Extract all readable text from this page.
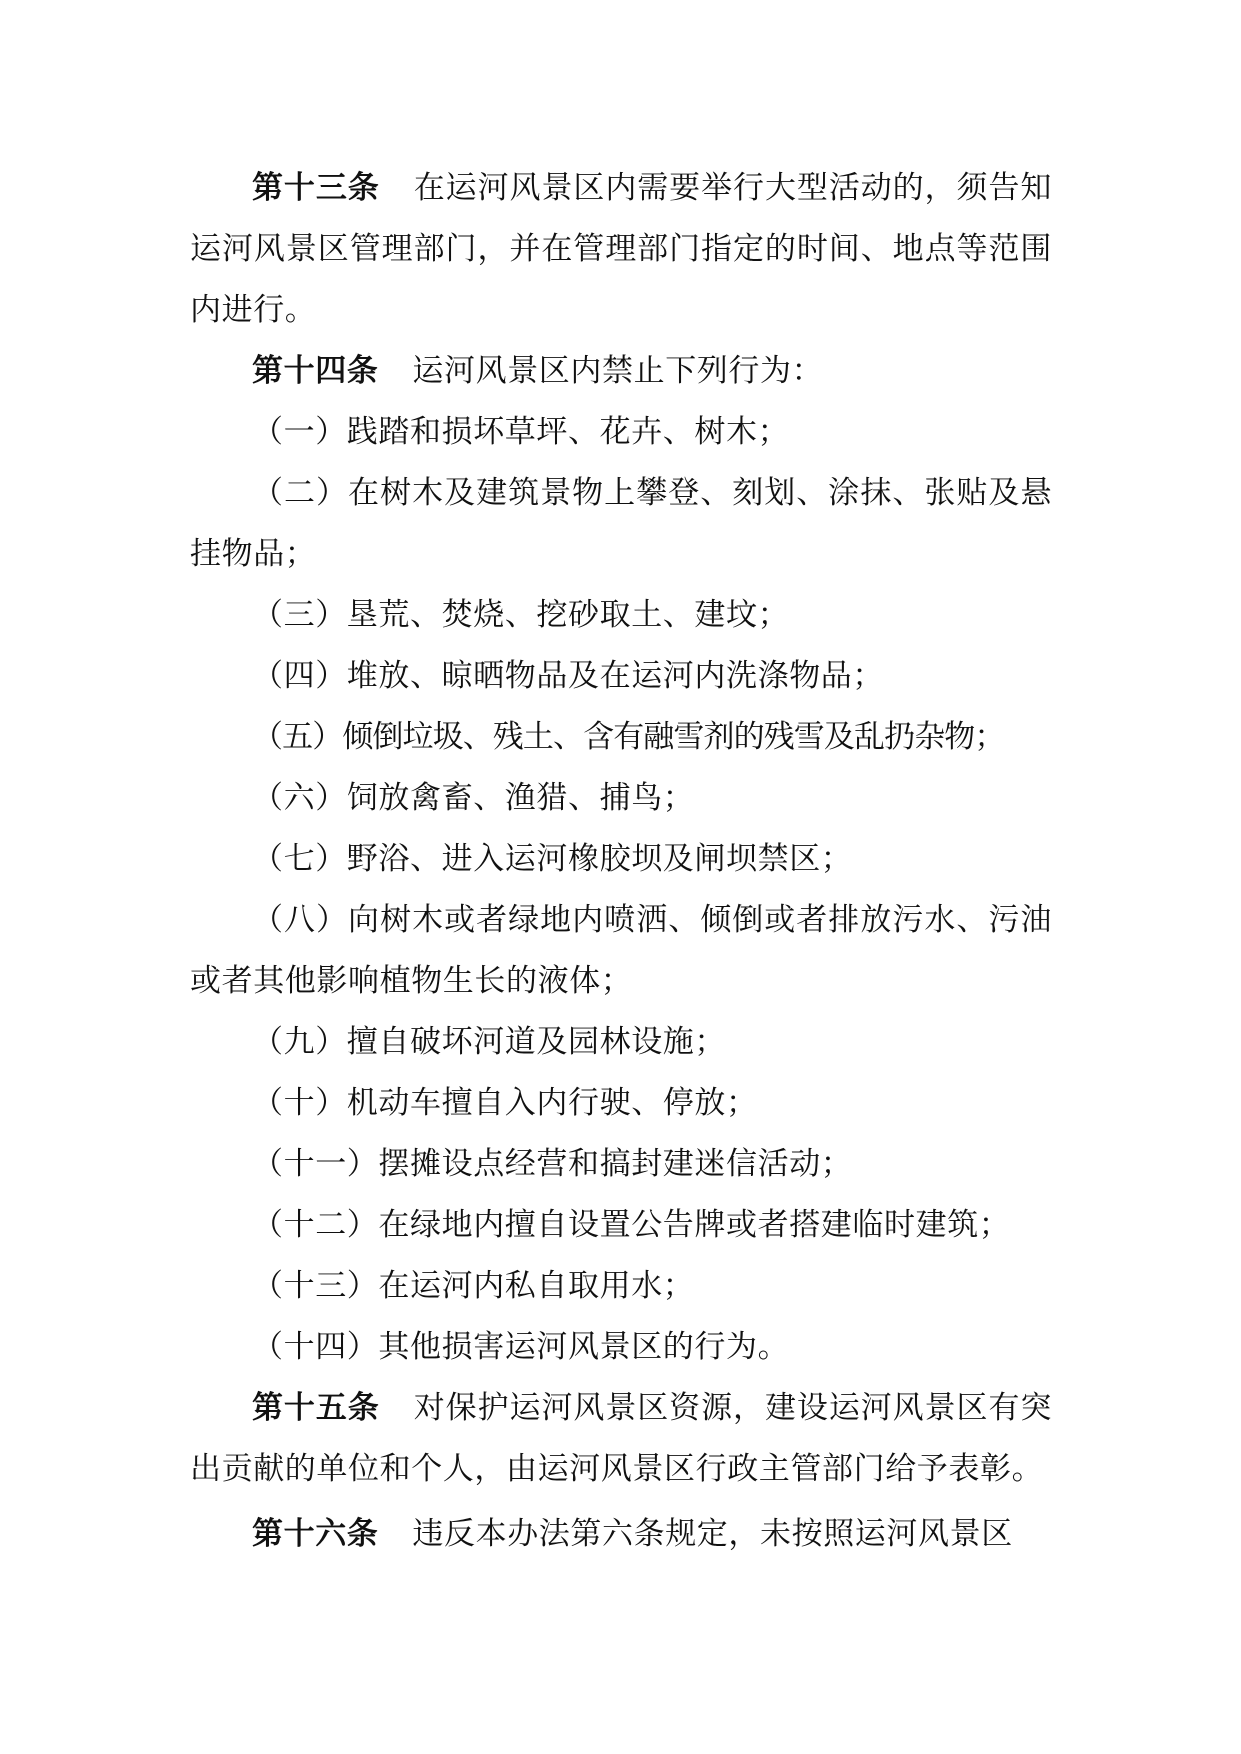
第十三条 在运河风景区内需要举行大型活动的，须告知运河风景区管理部门，并在管理部门指定的时间、地点等范围内进行。

第十四条 运河风景区内禁止下列行为：

（一）践踏和损坏草坪、花卉、树木；

（二）在树木及建筑景物上攀登、刻划、涂抹、张贴及悬挂物品；

（三）垦荒、焚烧、挖砂取土、建坟；

（四）堆放、晾晒物品及在运河内洗涤物品；

（五）倾倒垃圾、残土、含有融雪剂的残雪及乱扔杂物；

（六）饲放禽畜、渔猎、捕鸟；

（七）野浴、进入运河橡胶坝及闸坝禁区；

（八）向树木或者绿地内喷洒、倾倒或者排放污水、污油或者其他影响植物生长的液体；

（九）擅自破坏河道及园林设施；

（十）机动车擅自入内行驶、停放；

（十一）摆摊设点经营和搞封建迷信活动；

（十二）在绿地内擅自设置公告牌或者搭建临时建筑；

（十三）在运河内私自取用水；

（十四）其他损害运河风景区的行为。

第十五条 对保护运河风景区资源，建设运河风景区有突出贡献的单位和个人，由运河风景区行政主管部门给予表彰。

第十六条 违反本办法第六条规定，未按照运河风景区
